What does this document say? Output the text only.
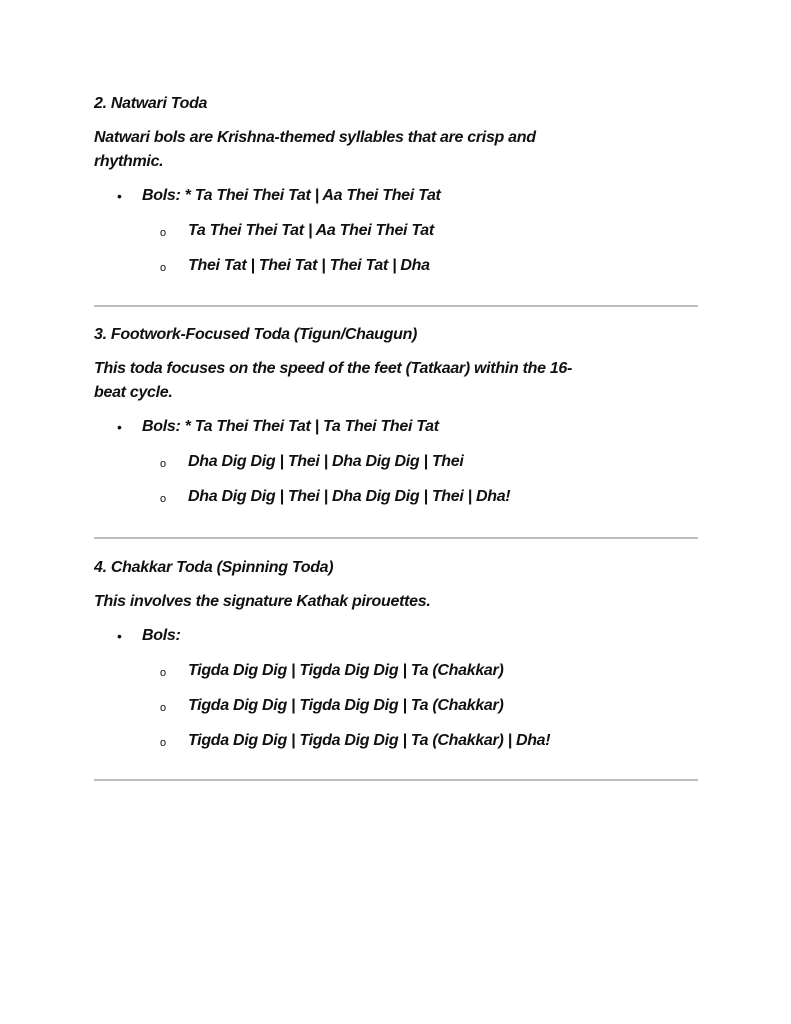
2. Natwari Toda
Natwari bols are Krishna-themed syllables that are crisp and
rhythmic.
• Bols: * Ta Thei Thei Tat | Aa Thei Thei Tat
o Ta Thei Thei Tat | Aa Thei Thei Tat
o Thei Tat | Thei Tat | Thei Tat | Dha
3. Footwork-Focused Toda (Tigun/Chaugun)
This toda focuses on the speed of the feet (Tatkaar) within the 16-
beat cycle.
• Bols: * Ta Thei Thei Tat | Ta Thei Thei Tat
o Dha Dig Dig | Thei | Dha Dig Dig | Thei
o Dha Dig Dig | Thei | Dha Dig Dig | Thei | Dha!
4. Chakkar Toda (Spinning Toda)
This involves the signature Kathak pirouettes.
• Bols:
o Tigda Dig Dig | Tigda Dig Dig | Ta (Chakkar)
o Tigda Dig Dig | Tigda Dig Dig | Ta (Chakkar)
o Tigda Dig Dig | Tigda Dig Dig | Ta (Chakkar) | Dha!
